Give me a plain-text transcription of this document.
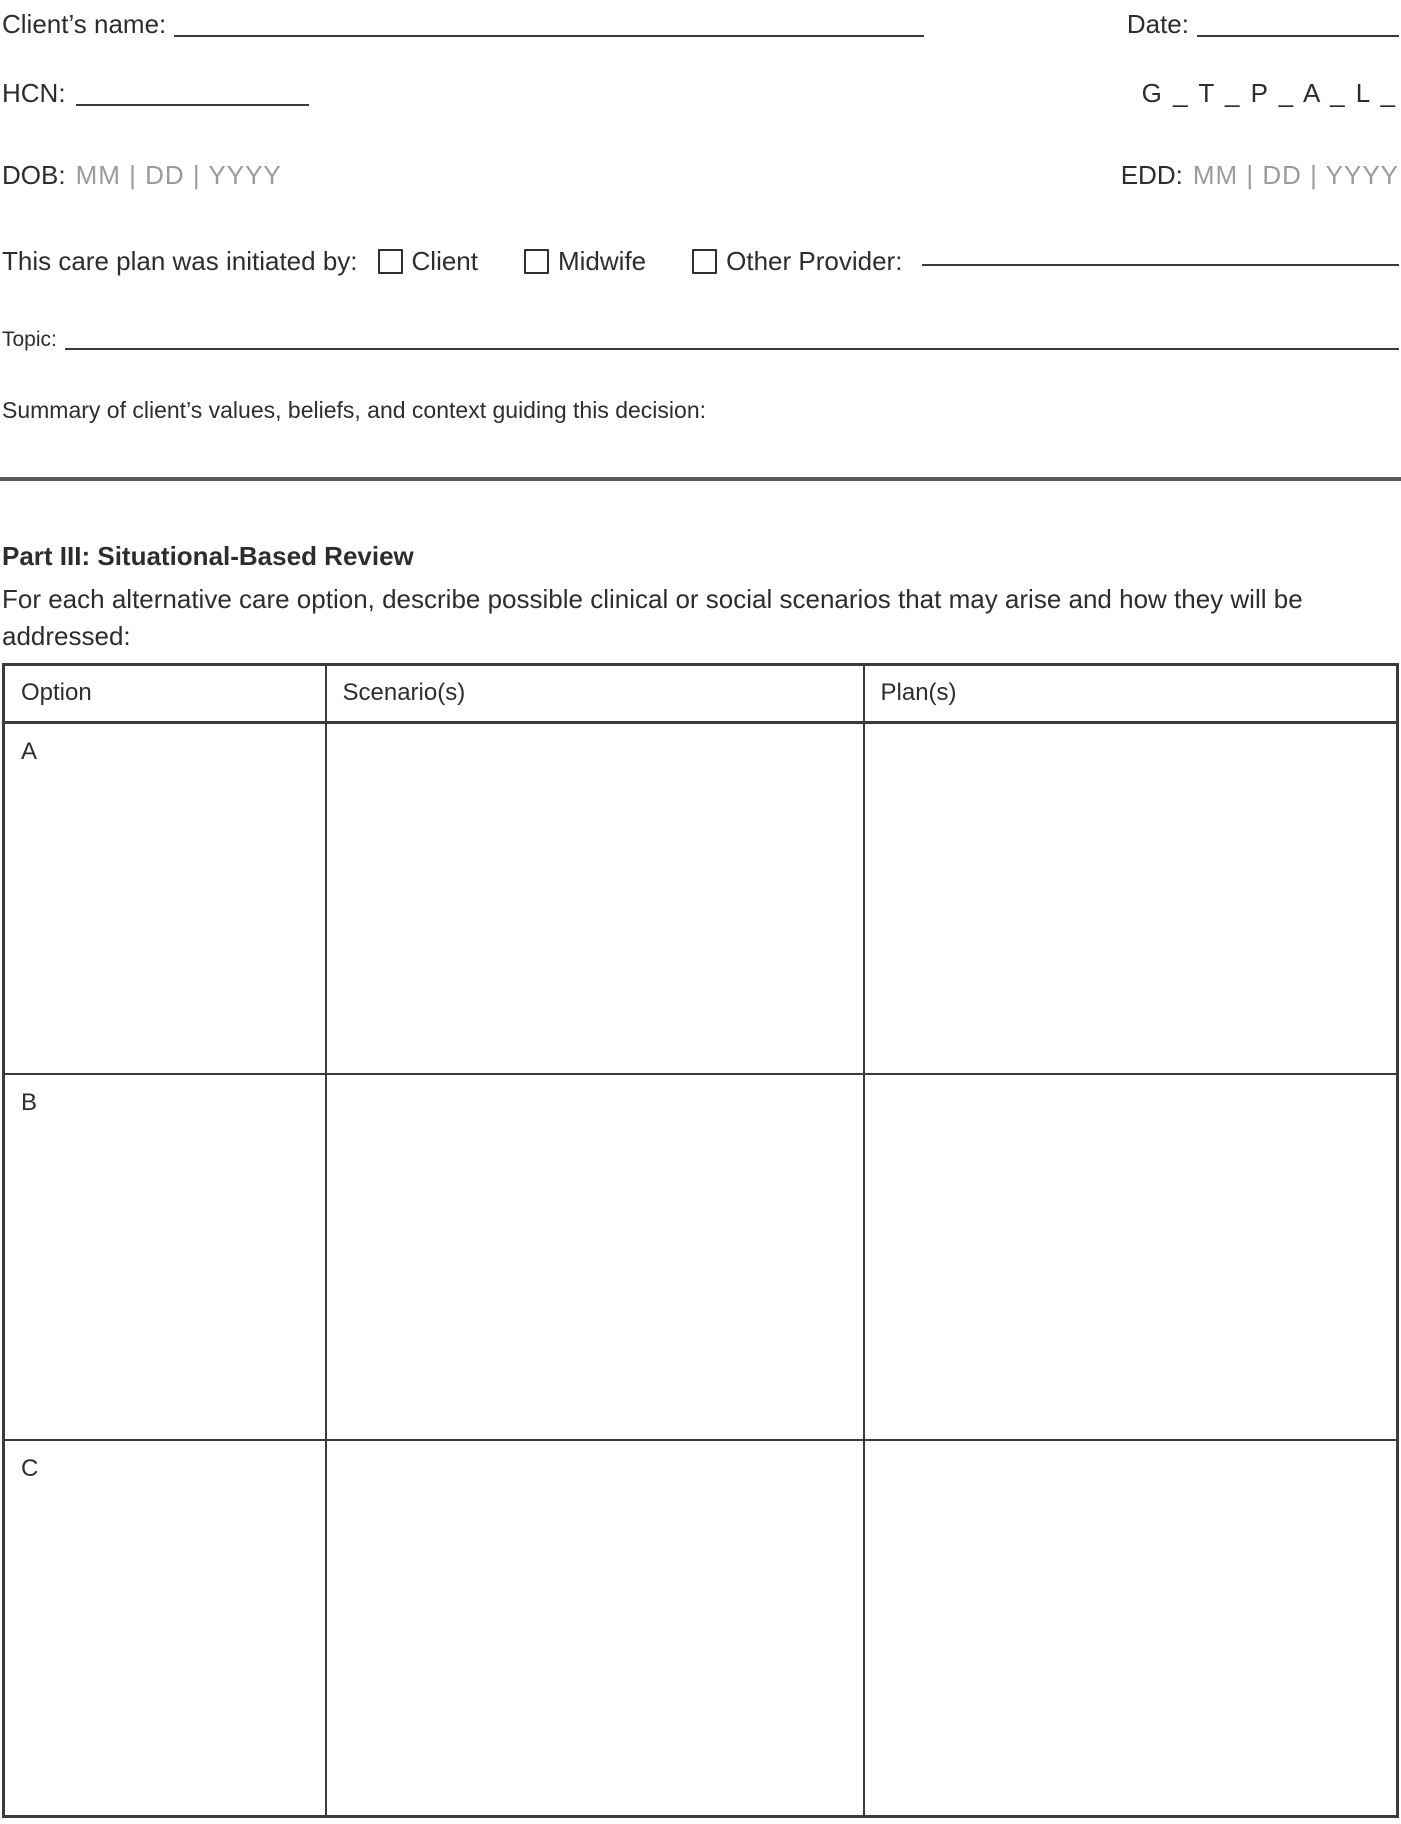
Client’s name:	Date:
HCN:	G _ T _ P _ A _ L _
DOB: MM | DD | YYYY	EDD: MM | DD | YYYY
This care plan was initiated by: Client	Midwife	Other Provider:
Topic:
Summary of client’s values, beliefs, and context guiding this decision:
Part III: Situational-Based Review
For each alternative care option, describe possible clinical or social scenarios that may arise and how they will be addressed:
Option	Scenario(s)	Plan(s)
A		
B		
C		
